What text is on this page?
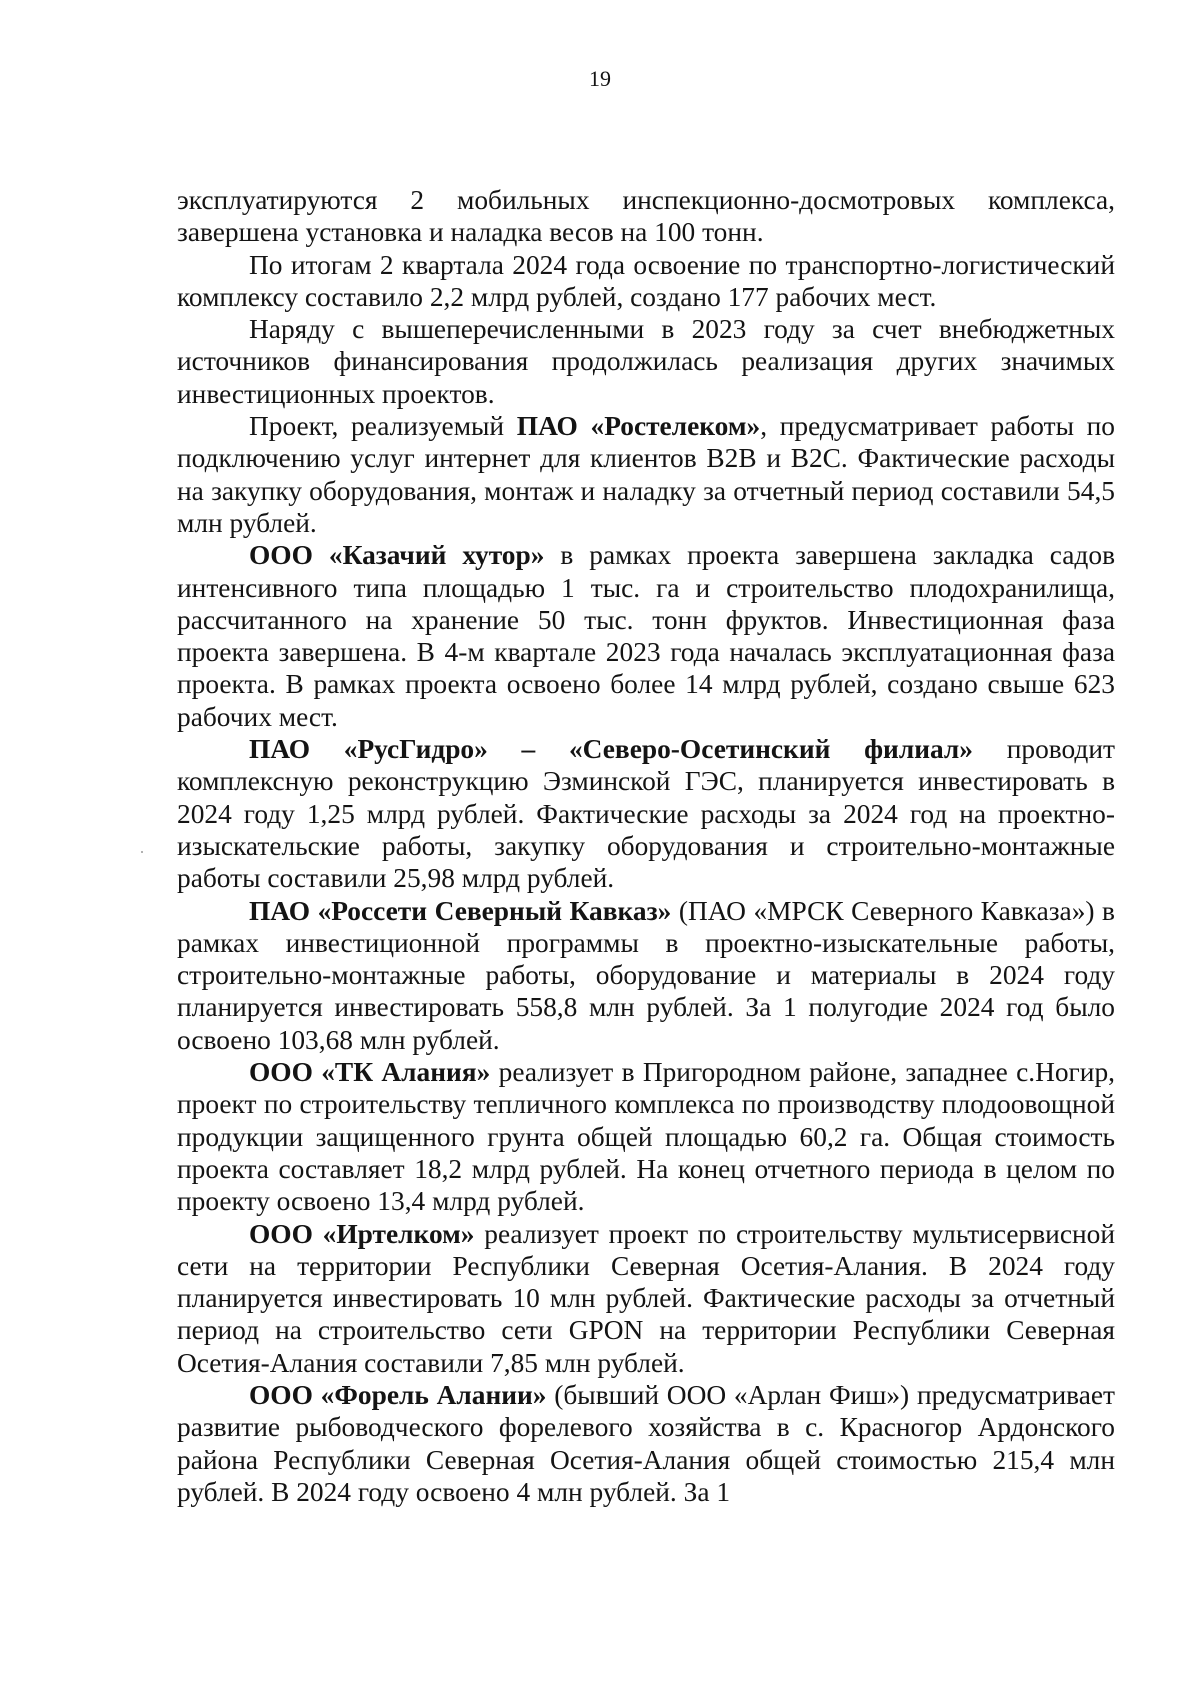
19

эксплуатируются 2 мобильных инспекционно-досмотровых комплекса, завершена установка и наладка весов на 100 тонн.

По итогам 2 квартала 2024 года освоение по транспортно-логистический комплексу составило 2,2 млрд рублей, создано 177 рабочих мест.

Наряду с вышеперечисленными в 2023 году за счет внебюджетных источников финансирования продолжилась реализация других значимых инвестиционных проектов.

Проект, реализуемый ПАО «Ростелеком», предусматривает работы по подключению услуг интернет для клиентов В2В и В2С. Фактические расходы на закупку оборудования, монтаж и наладку за отчетный период составили 54,5 млн рублей.

ООО «Казачий хутор» в рамках проекта завершена закладка садов интенсивного типа площадью 1 тыс. га и строительство плодохранилища, рассчитанного на хранение 50 тыс. тонн фруктов. Инвестиционная фаза проекта завершена. В 4-м квартале 2023 года началась эксплуатационная фаза проекта. В рамках проекта освоено более 14 млрд рублей, создано свыше 623 рабочих мест.

ПАО «РусГидро» – «Северо-Осетинский филиал» проводит комплексную реконструкцию Эзминской ГЭС, планируется инвестировать в 2024 году 1,25 млрд рублей. Фактические расходы за 2024 год на проектно-изыскательские работы, закупку оборудования и строительно-монтажные работы составили 25,98 млрд рублей.

ПАО «Россети Северный Кавказ» (ПАО «МРСК Северного Кавказа») в рамках инвестиционной программы в проектно-изыскательные работы, строительно-монтажные работы, оборудование и материалы в 2024 году планируется инвестировать 558,8 млн рублей. За 1 полугодие 2024 год было освоено 103,68 млн рублей.

ООО «ТК Алания» реализует в Пригородном районе, западнее с.Ногир, проект по строительству тепличного комплекса по производству плодоовощной продукции защищенного грунта общей площадью 60,2 га. Общая стоимость проекта составляет 18,2 млрд рублей. На конец отчетного периода в целом по проекту освоено 13,4 млрд рублей.

ООО «Иртелком» реализует проект по строительству мультисервисной сети на территории Республики Северная Осетия-Алания. В 2024 году планируется инвестировать 10 млн рублей. Фактические расходы за отчетный период на строительство сети GPON на территории Республики Северная Осетия-Алания составили 7,85 млн рублей.

ООО «Форель Алании» (бывший ООО «Арлан Фиш») предусматривает развитие рыбоводческого форелевого хозяйства в с. Красногор Ардонского района Республики Северная Осетия-Алания общей стоимостью 215,4 млн рублей. В 2024 году освоено 4 млн рублей. За 1
